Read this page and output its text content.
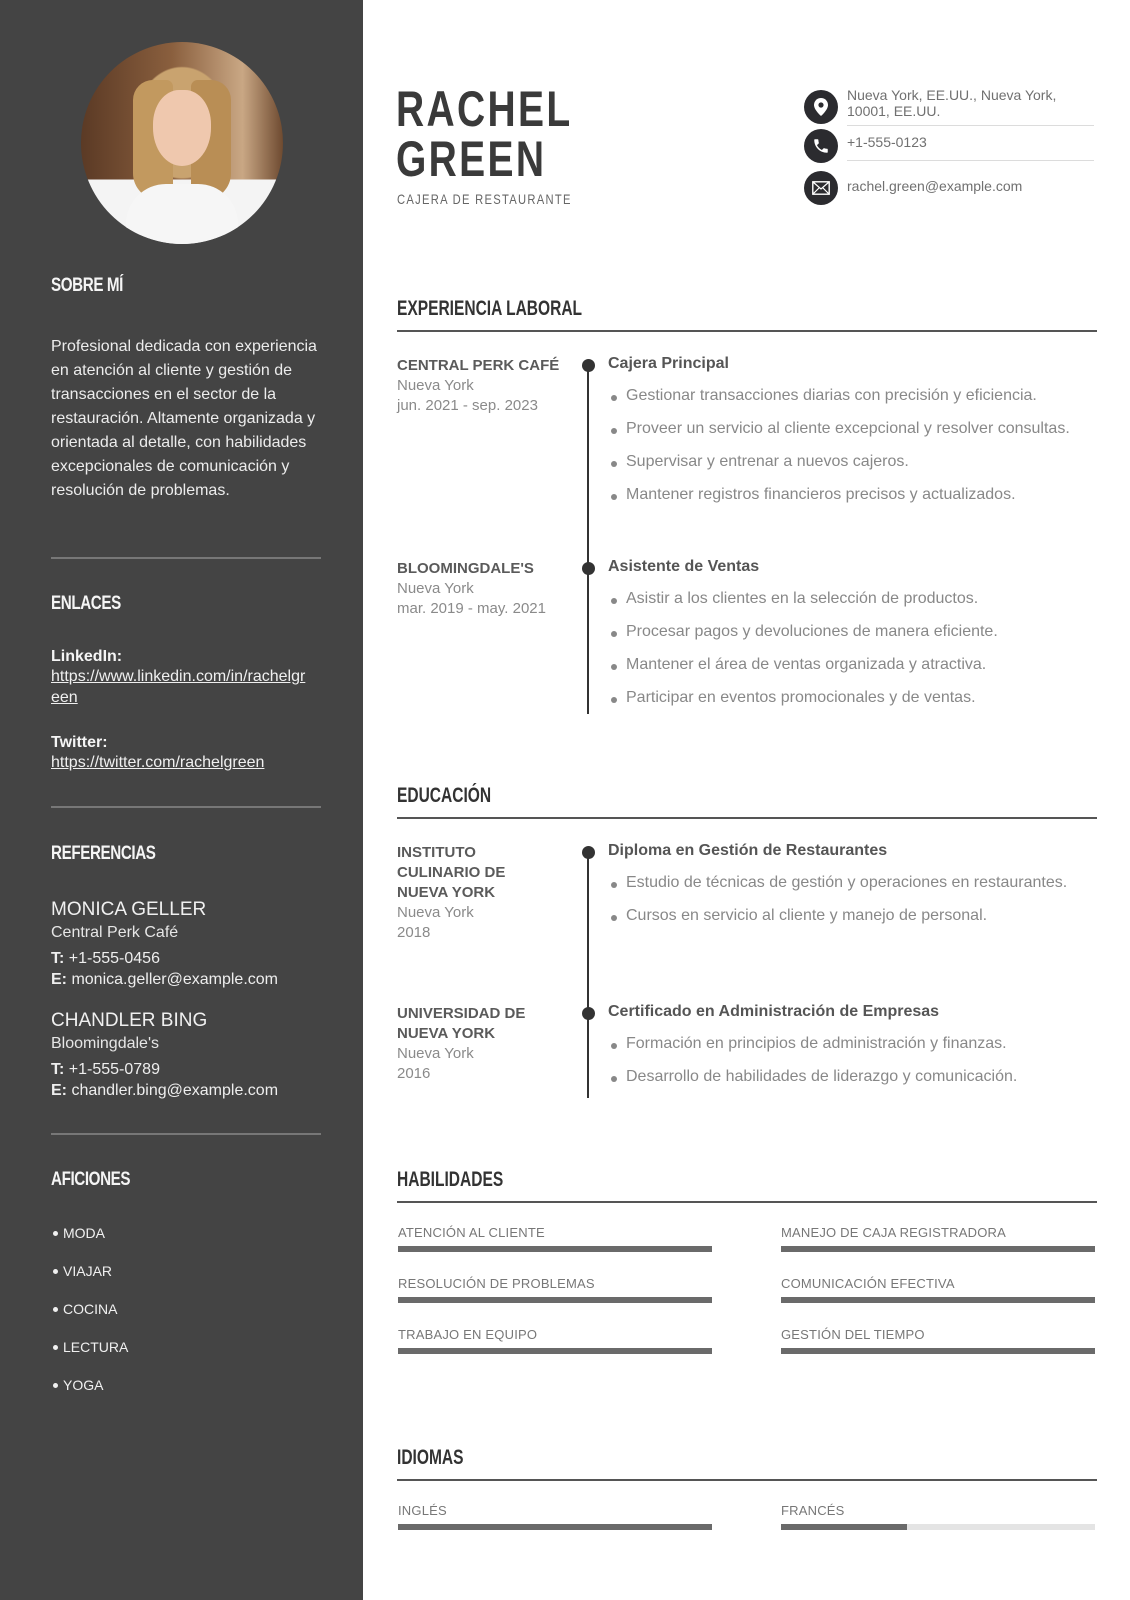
SOBRE MÍ
Profesional dedicada con experiencia en atención al cliente y gestión de transacciones en el sector de la restauración. Altamente organizada y orientada al detalle, con habilidades excepcionales de comunicación y resolución de problemas.
ENLACES
LinkedIn:
https://www.linkedin.com/in/rachelgreen
Twitter:
https://twitter.com/rachelgreen
REFERENCIAS
MONICA GELLER
Central Perk Café
T: +1-555-0456
E: monica.geller@example.com
CHANDLER BING
Bloomingdale's
T: +1-555-0789
E: chandler.bing@example.com
AFICIONES
MODA
VIAJAR
COCINA
LECTURA
YOGA
RACHEL
GREEN
CAJERA DE RESTAURANTE
Nueva York, EE.UU., Nueva York,
10001, EE.UU.
+1-555-0123
rachel.green@example.com
EXPERIENCIA LABORAL
CENTRAL PERK CAFÉ
Nueva York
jun. 2021 - sep. 2023
Cajera Principal
Gestionar transacciones diarias con precisión y eficiencia.
Proveer un servicio al cliente excepcional y resolver consultas.
Supervisar y entrenar a nuevos cajeros.
Mantener registros financieros precisos y actualizados.
BLOOMINGDALE'S
Nueva York
mar. 2019 - may. 2021
Asistente de Ventas
Asistir a los clientes en la selección de productos.
Procesar pagos y devoluciones de manera eficiente.
Mantener el área de ventas organizada y atractiva.
Participar en eventos promocionales y de ventas.
EDUCACIÓN
INSTITUTO
CULINARIO DE
NUEVA YORK
Nueva York
2018
Diploma en Gestión de Restaurantes
Estudio de técnicas de gestión y operaciones en restaurantes.
Cursos en servicio al cliente y manejo de personal.
UNIVERSIDAD DE
NUEVA YORK
Nueva York
2016
Certificado en Administración de Empresas
Formación en principios de administración y finanzas.
Desarrollo de habilidades de liderazgo y comunicación.
HABILIDADES
ATENCIÓN AL CLIENTE	MANEJO DE CAJA REGISTRADORA
RESOLUCIÓN DE PROBLEMAS	COMUNICACIÓN EFECTIVA
TRABAJO EN EQUIPO	GESTIÓN DEL TIEMPO
IDIOMAS
INGLÉS	FRANCÉS
